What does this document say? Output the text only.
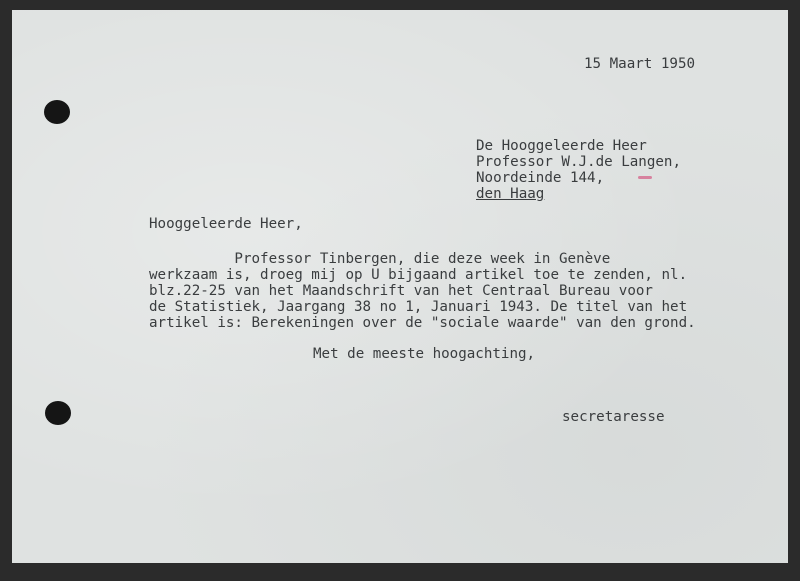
15 Maart 1950
De Hooggeleerde Heer
Professor W.J.de Langen,
Noordeinde 144,
den Haag
Hooggeleerde Heer,
Professor Tinbergen, die deze week in Genève
werkzaam is, droeg mij op U bijgaand artikel toe te zenden, nl.
blz.22-25 van het Maandschrift van het Centraal Bureau voor
de Statistiek, Jaargang 38 no 1, Januari 1943. De titel van het
artikel is: Berekeningen over de "sociale waarde" van den grond.
Met de meeste hoogachting,
secretaresse
